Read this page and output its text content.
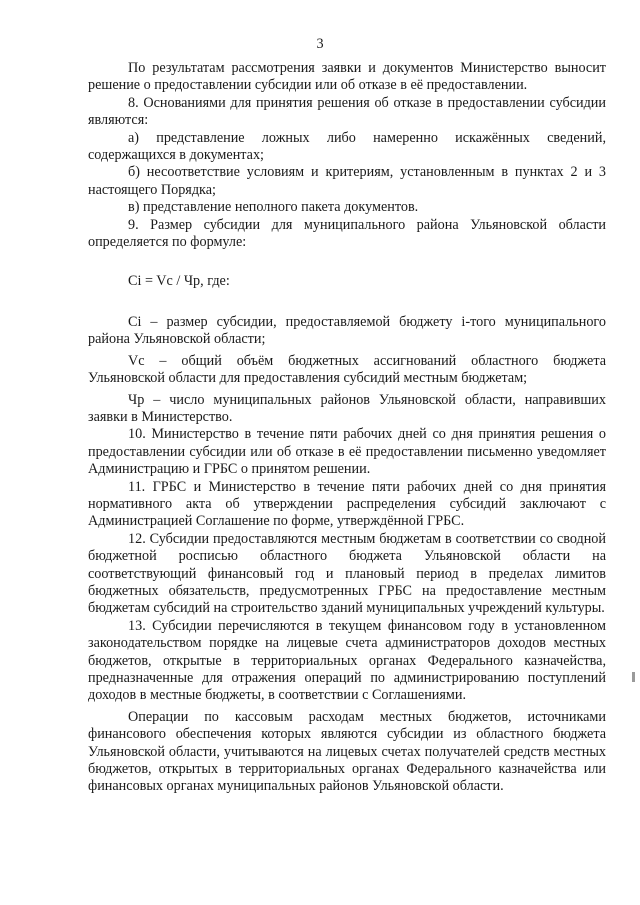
3

По результатам рассмотрения заявки и документов Министерство выносит решение о предоставлении субсидии или об отказе в её предоставлении.

8. Основаниями для принятия решения об отказе в предоставлении субсидии являются:

а) представление ложных либо намеренно искажённых сведений, содержащихся в документах;

б) несоответствие условиям и критериям, установленным в пунктах 2 и 3 настоящего Порядка;

в) представление неполного пакета документов.

9. Размер субсидии для муниципального района Ульяновской области определяется по формуле:

Ci = Vc / Чр, где:

Ci – размер субсидии, предоставляемой бюджету i-того муниципального района Ульяновской области;

Vc – общий объём бюджетных ассигнований областного бюджета Ульяновской области для предоставления субсидий местным бюджетам;

Чр – число муниципальных районов Ульяновской области, направивших заявки в Министерство.

10. Министерство в течение пяти рабочих дней со дня принятия решения о предоставлении субсидии или об отказе в её предоставлении письменно уведомляет Администрацию и ГРБС о принятом решении.

11. ГРБС и Министерство в течение пяти рабочих дней со дня принятия нормативного акта об утверждении распределения субсидий заключают с Администрацией Соглашение по форме, утверждённой ГРБС.

12. Субсидии предоставляются местным бюджетам в соответствии со сводной бюджетной росписью областного бюджета Ульяновской области на соответствующий финансовый год и плановый период в пределах лимитов бюджетных обязательств, предусмотренных ГРБС на предоставление местным бюджетам субсидий на строительство зданий муниципальных учреждений культуры.

13. Субсидии перечисляются в текущем финансовом году в установленном законодательством порядке на лицевые счета администраторов доходов местных бюджетов, открытые в территориальных органах Федерального казначейства, предназначенные для отражения операций по администрированию поступлений доходов в местные бюджеты, в соответствии с Соглашениями.

Операции по кассовым расходам местных бюджетов, источниками финансового обеспечения которых являются субсидии из областного бюджета Ульяновской области, учитываются на лицевых счетах получателей средств местных бюджетов, открытых в территориальных органах Федерального казначейства или финансовых органах муниципальных районов Ульяновской области.
